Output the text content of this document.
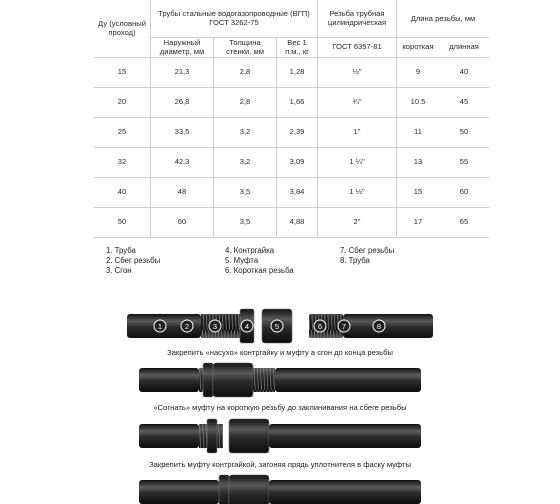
Ду (условный проход)	Трубы стальные водогазопроводные (ВГП) ГОСТ 3262-75			Резьба трубная цилиндрическая	Длина резьбы, мм	
	Наружный диаметр, мм	Толщина стенки, мм	Вес 1 п.м., кг	ГОСТ 6357-81	короткая	длинная
15	21,3	2,8	1,28	½"	9	40
20	26,8	2,8	1,66	¾"	10.5	45
25	33,5	3,2	2,39	1"	11	50
32	42,3	3,2	3,09	1 ¼"	13	55
40	48	3,5	3,84	1 ½"	15	60
50	60	3,5	4,88	2"	17	65
1. Труба
2. Сбег резьбы
3. Сгон
4. Контргайка
5. Муфта
6. Короткая резьба
7. Сбег резьбы
8. Труба
1	2	3	4	5	6	7	8
Закрепить «насухо» контргайку и муфту а сгон до конца резьбы
«Согнать» муфту на короткую резьбу до заклинивания на сбеге резьбы
Закрепить муфту контргайкой, загоняя прядь уплотнителя в фаску муфты
